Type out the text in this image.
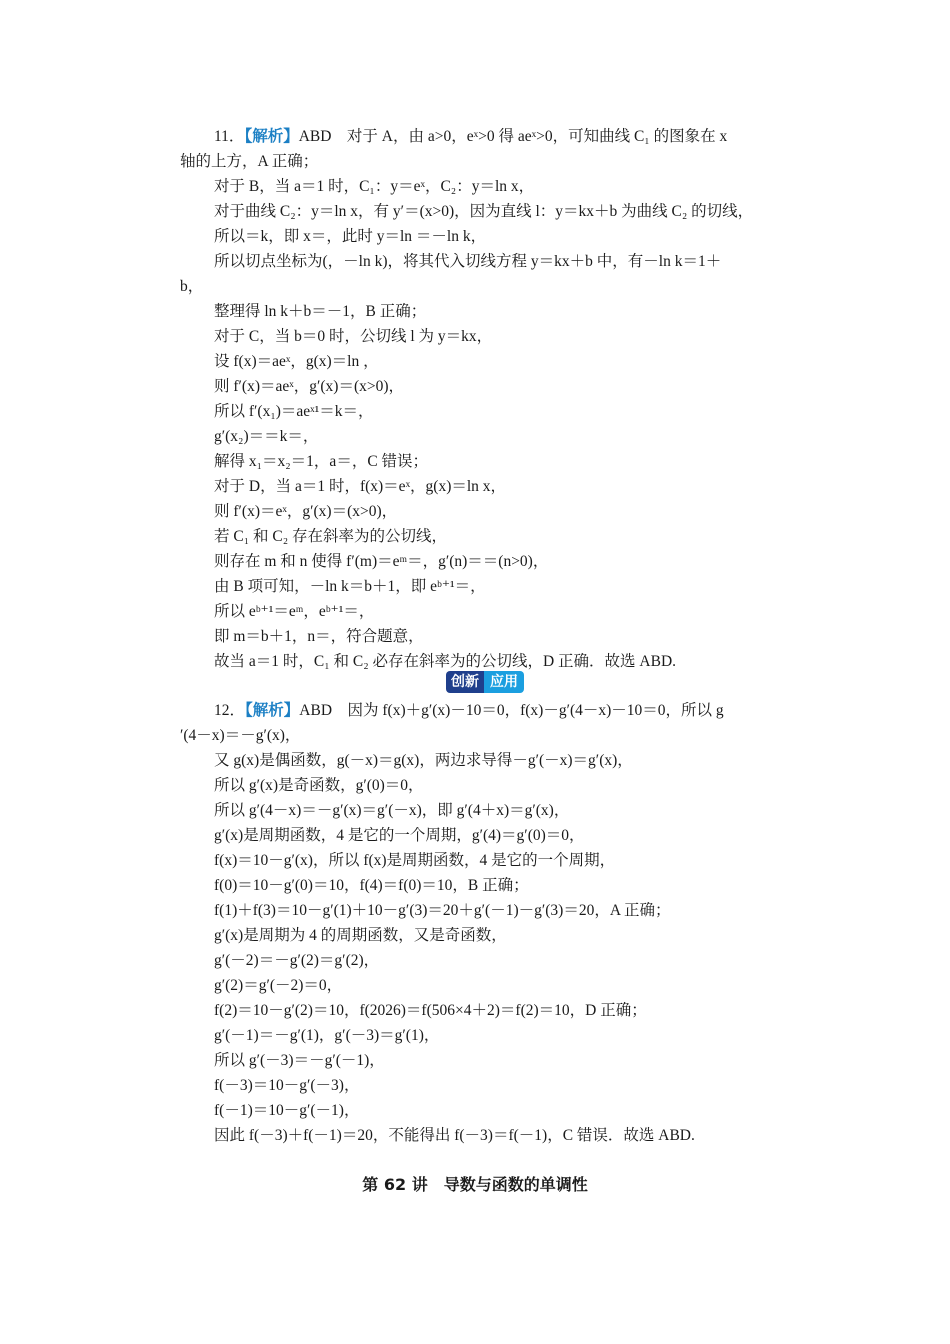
11．【解析】ABD　对于 A，由 a>0，eˣ>0 得 aeˣ>0，可知曲线 C₁ 的图象在 x
轴的上方，A 正确；
对于 B，当 a＝1 时，C₁：y＝eˣ，C₂：y＝ln x，
对于曲线 C₂：y＝ln x，有 y′＝(x>0)，因为直线 l：y＝kx＋b 为曲线 C₂ 的切线，
所以＝k，即 x＝，此时 y＝ln ＝－ln k，
所以切点坐标为(，－ln k)，将其代入切线方程 y＝kx＋b 中，有－ln k＝1＋
b，
整理得 ln k＋b＝－1，B 正确；
对于 C，当 b＝0 时，公切线 l 为 y＝kx，
设 f(x)＝aeˣ，g(x)＝ln ，
则 f′(x)＝aeˣ，g′(x)＝(x>0)，
所以 f′(x₁)＝aeˣ¹＝k＝，
g′(x₂)＝＝k＝，
解得 x₁＝x₂＝1，a＝，C 错误；
对于 D，当 a＝1 时，f(x)＝eˣ，g(x)＝ln x，
则 f′(x)＝eˣ，g′(x)＝(x>0)，
若 C₁ 和 C₂ 存在斜率为的公切线，
则存在 m 和 n 使得 f′(m)＝eᵐ＝，g′(n)＝＝(n>0)，
由 B 项可知，－ln k＝b＋1，即 eᵇ⁺¹＝，
所以 eᵇ⁺¹＝eᵐ，eᵇ⁺¹＝，
即 m＝b＋1，n＝，符合题意，
故当 a＝1 时，C₁ 和 C₂ 必存在斜率为的公切线，D 正确．故选 ABD.
创新 应用
12．【解析】ABD　因为 f(x)＋g′(x)－10＝0，f(x)－g′(4－x)－10＝0，所以 g
′(4－x)＝－g′(x)，
又 g(x)是偶函数，g(－x)＝g(x)，两边求导得－g′(－x)＝g′(x)，
所以 g′(x)是奇函数，g′(0)＝0，
所以 g′(4－x)＝－g′(x)＝g′(－x)，即 g′(4＋x)＝g′(x)，
g′(x)是周期函数，4 是它的一个周期，g′(4)＝g′(0)＝0，
f(x)＝10－g′(x)，所以 f(x)是周期函数，4 是它的一个周期，
f(0)＝10－g′(0)＝10，f(4)＝f(0)＝10，B 正确；
f(1)＋f(3)＝10－g′(1)＋10－g′(3)＝20＋g′(－1)－g′(3)＝20，A 正确；
g′(x)是周期为 4 的周期函数，又是奇函数，
g′(－2)＝－g′(2)＝g′(2)，
g′(2)＝g′(－2)＝0，
f(2)＝10－g′(2)＝10，f(2026)＝f(506×4＋2)＝f(2)＝10，D 正确；
g′(－1)＝－g′(1)，g′(－3)＝g′(1)，
所以 g′(－3)＝－g′(－1)，
f(－3)＝10－g′(－3)，
f(－1)＝10－g′(－1)，
因此 f(－3)＋f(－1)＝20，不能得出 f(－3)＝f(－1)，C 错误．故选 ABD.
第 62 讲　导数与函数的单调性
